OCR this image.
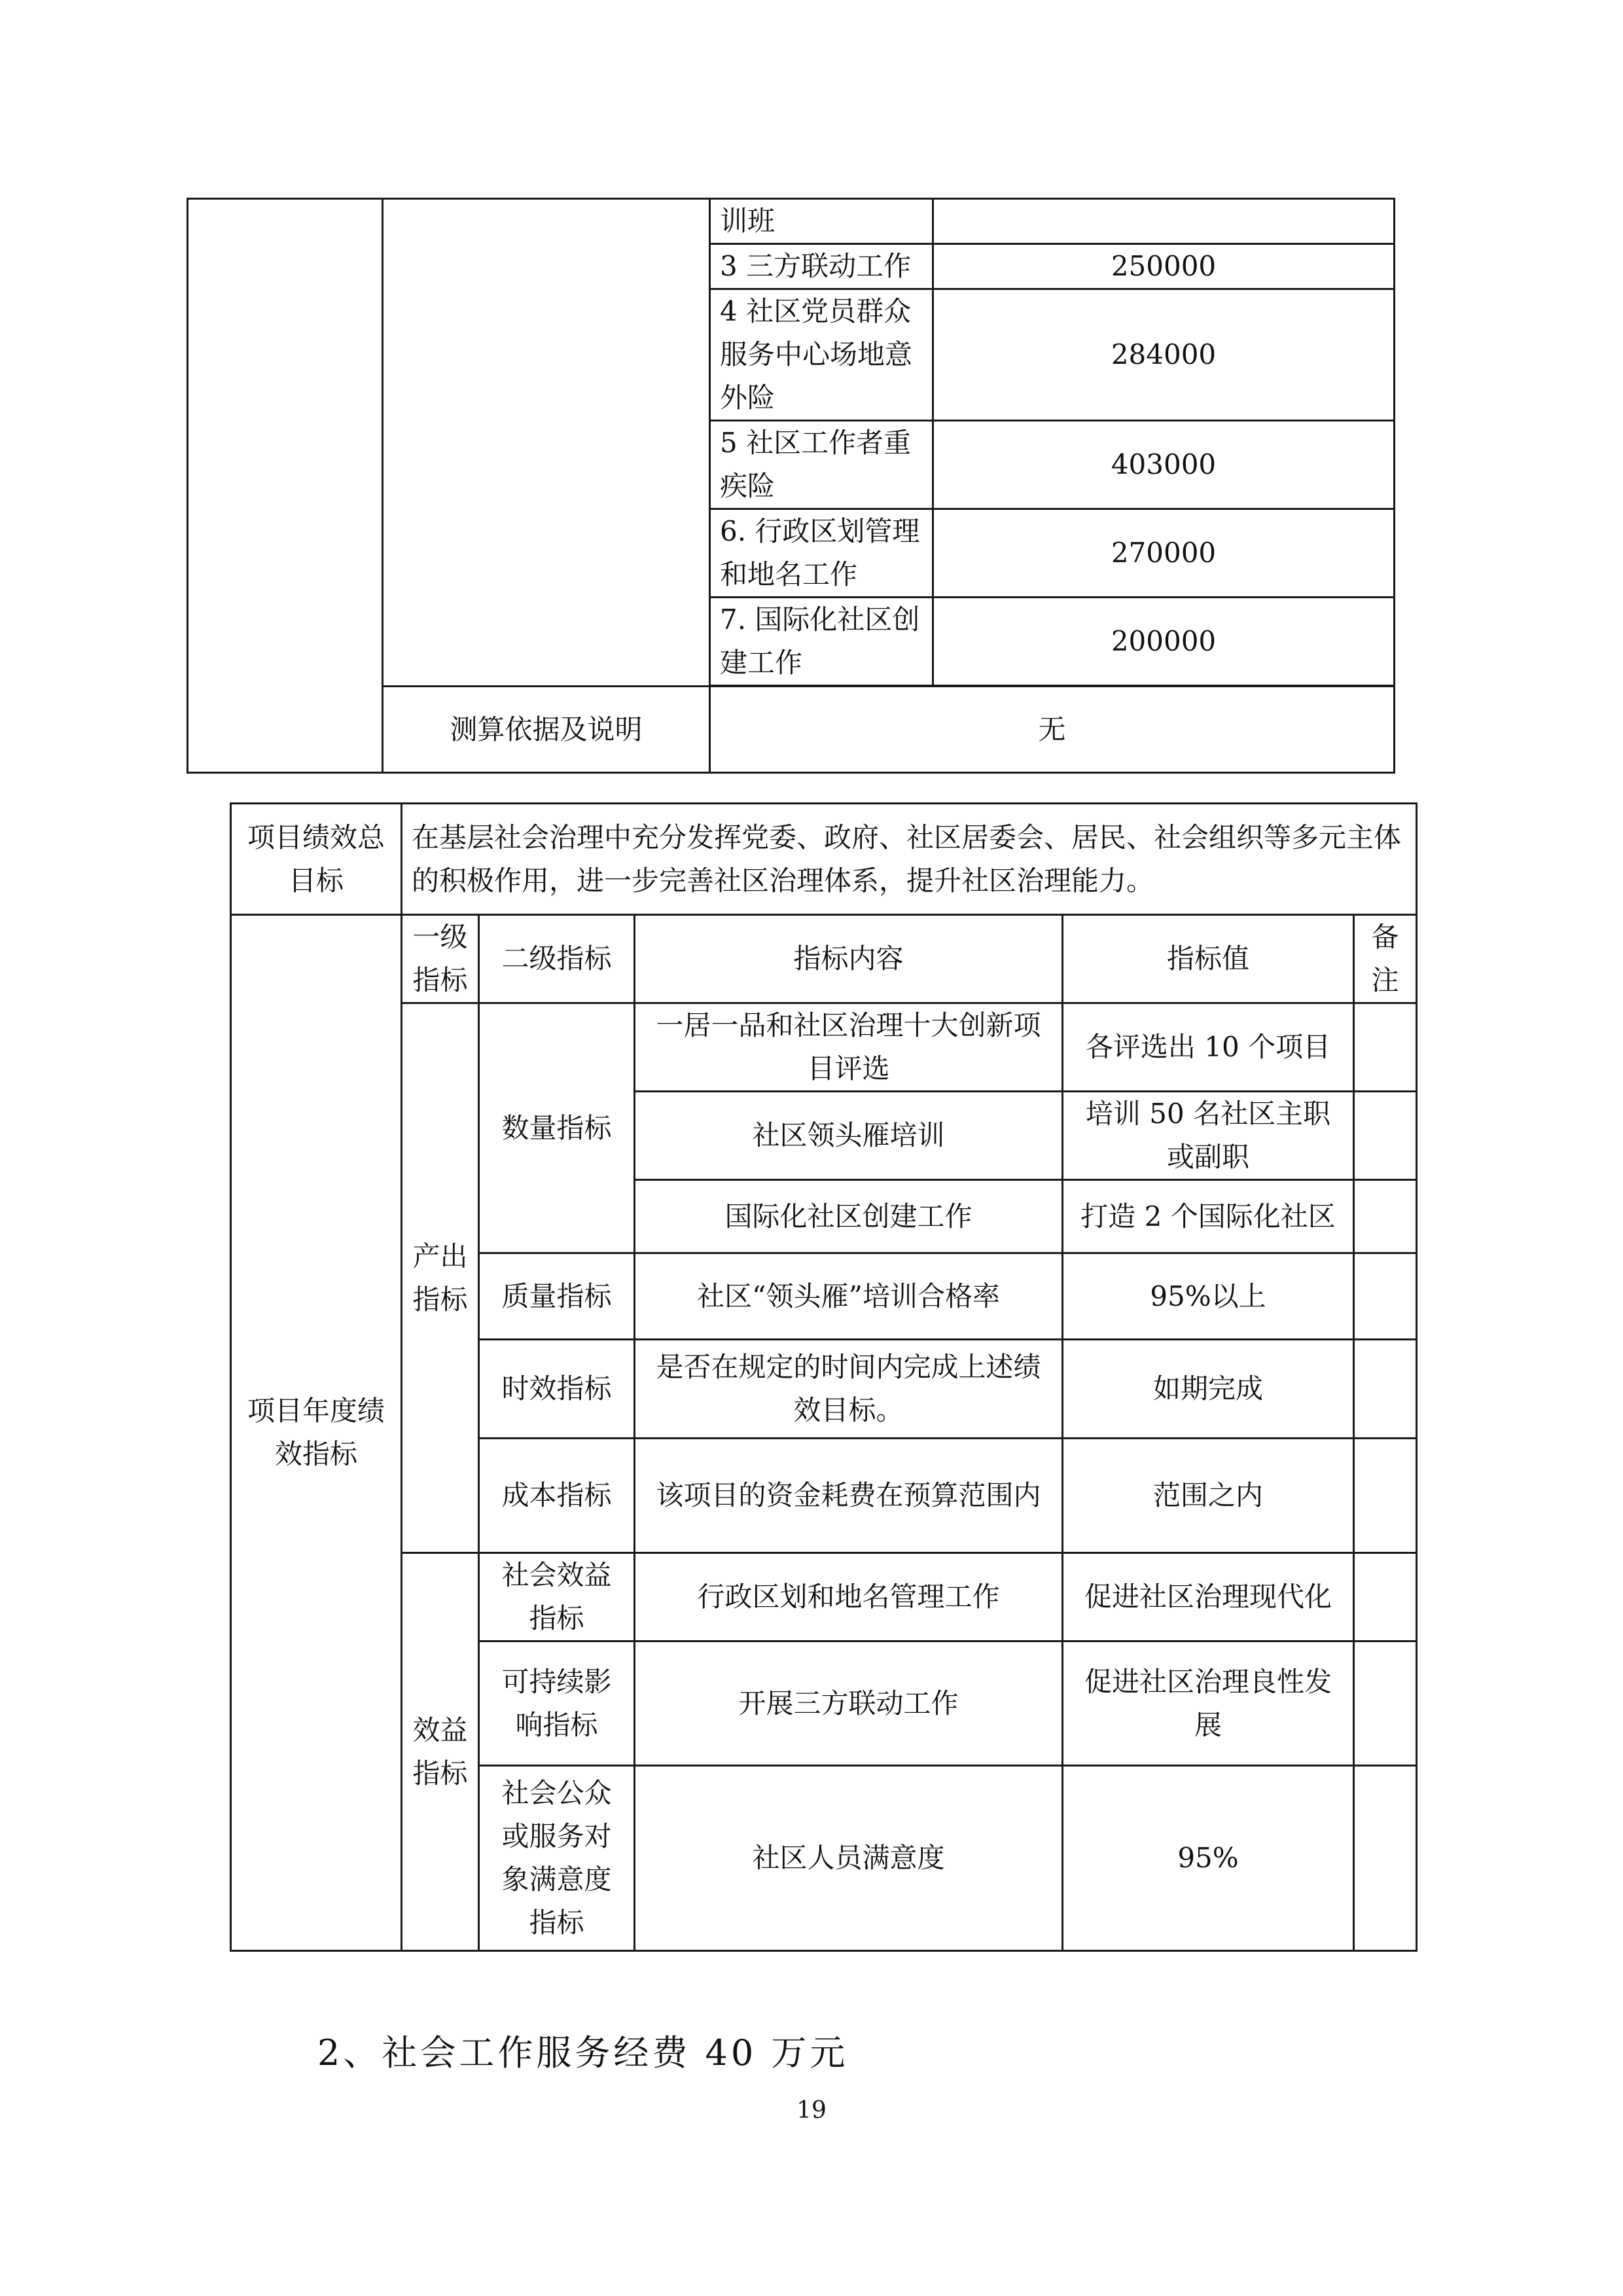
		训班	
		3 三方联动工作	250000
		4 社区党员群众服务中心场地意外险	284000
		5 社区工作者重疾险	403000
		6. 行政区划管理和地名工作	270000
		7. 国际化社区创建工作	200000

	测算依据及说明	无	
项目绩效总目标	在基层社会治理中充分发挥党委、政府、社区居委会、居民、社会组织等多元主体的积极作用，进一步完善社区治理体系，提升社区治理能力。				
项目年度绩效指标	一级指标	二级指标	指标内容	指标值	备注
	产出指标	数量指标	一居一品和社区治理十大创新项目评选	各评选出 10 个项目	
			社区领头雁培训	培训 50 名社区主职或副职	
			国际化社区创建工作	打造 2 个国际化社区	
		质量指标	社区“领头雁”培训合格率	95%以上	
		时效指标	是否在规定的时间内完成上述绩效目标。	如期完成	
		成本指标	该项目的资金耗费在预算范围内	范围之内	
	效益指标	社会效益指标	行政区划和地名管理工作	促进社区治理现代化	
		可持续影响指标	开展三方联动工作	促进社区治理良性发展	
		社会公众或服务对象满意度指标	社区人员满意度	95%	
2、社会工作服务经费 40 万元
19
